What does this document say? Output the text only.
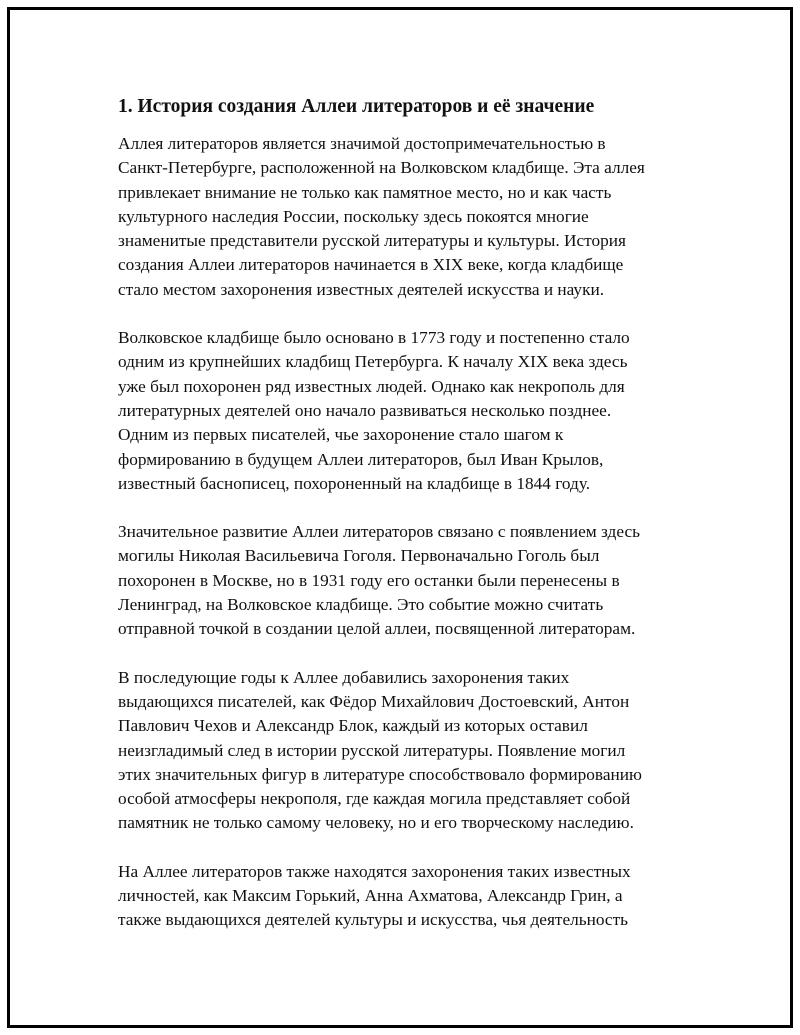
1. История создания Аллеи литераторов и её значение

Аллея литераторов является значимой достопримечательностью в
Санкт-Петербурге, расположенной на Волковском кладбище. Эта аллея
привлекает внимание не только как памятное место, но и как часть
культурного наследия России, поскольку здесь покоятся многие
знаменитые представители русской литературы и культуры. История
создания Аллеи литераторов начинается в XIX веке, когда кладбище
стало местом захоронения известных деятелей искусства и науки.

Волковское кладбище было основано в 1773 году и постепенно стало
одним из крупнейших кладбищ Петербурга. К началу XIX века здесь
уже был похоронен ряд известных людей. Однако как некрополь для
литературных деятелей оно начало развиваться несколько позднее.
Одним из первых писателей, чье захоронение стало шагом к
формированию в будущем Аллеи литераторов, был Иван Крылов,
известный баснописец, похороненный на кладбище в 1844 году.

Значительное развитие Аллеи литераторов связано с появлением здесь
могилы Николая Васильевича Гоголя. Первоначально Гоголь был
похоронен в Москве, но в 1931 году его останки были перенесены в
Ленинград, на Волковское кладбище. Это событие можно считать
отправной точкой в создании целой аллеи, посвященной литераторам.

В последующие годы к Аллее добавились захоронения таких
выдающихся писателей, как Фёдор Михайлович Достоевский, Антон
Павлович Чехов и Александр Блок, каждый из которых оставил
неизгладимый след в истории русской литературы. Появление могил
этих значительных фигур в литературе способствовало формированию
особой атмосферы некрополя, где каждая могила представляет собой
памятник не только самому человеку, но и его творческому наследию.

На Аллее литераторов также находятся захоронения таких известных
личностей, как Максим Горький, Анна Ахматова, Александр Грин, а
также выдающихся деятелей культуры и искусства, чья деятельность
